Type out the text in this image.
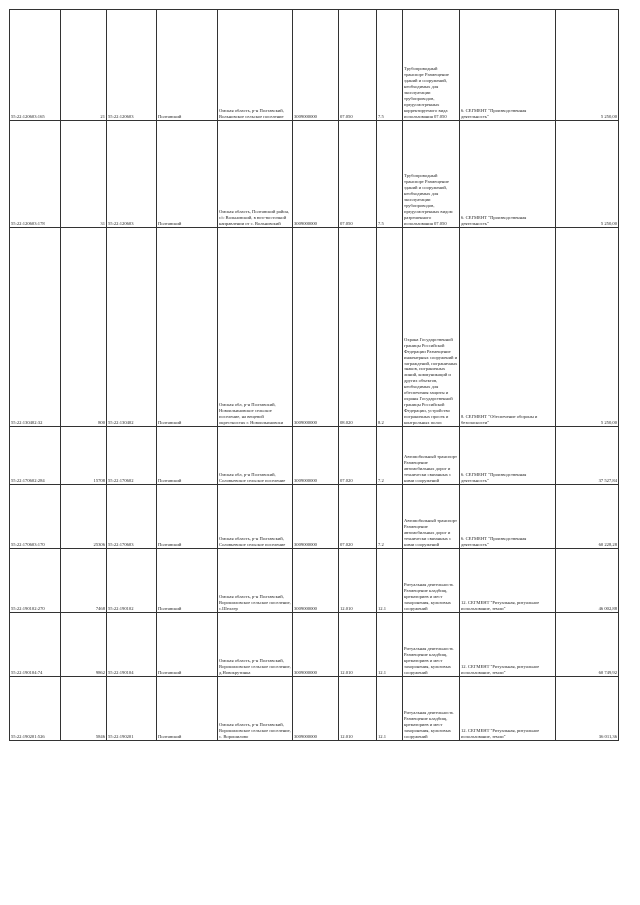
55:22:120603:165	21	55:22:120603	Полтавский	Омская область, р-н Полтавский, Вольновское сельское поселение	3009000000	07.050	7.5	Трубопроводный транспорт Размещение зданий и сооружений, необходимых для эксплуатации трубопроводов, предусмотренных корректируемого вида использования 07.050	6. СЕГМЕНТ "Производственная деятельность"	5 250,00
55:22:120603:178	31	55:22:120603	Полтавский	Омская область, Полтавский район, с/с Вольновский, в юго-восточной направлении от с. Вольновский	3009000000	07.050	7.5	Трубопроводный транспорт Размещение зданий и сооружений, необходимых для эксплуатации трубопроводов, предусмотренных видом разрешенного использования 07.050	6. СЕГМЕНТ "Производственная деятельность"	5 250,00
55:22:130402:32	800	55:22:130402	Полтавский	Омская обл, р-н Полтавский, Новоильиновское сельское поселение, на вещевой окрестностях г. Новоильиновски	3009000000	08.020	8.2	Охрана Государственной границы Российской Федерации Размещение инженерных сооружений и заграждений, пограничных знаков, пограничных линий, коммуникаций и других объектов, необходимых для обеспечения защиты и охраны Государственной границы Российской Федерации, устройство пограничных просек и контрольных полос	8. СЕГМЕНТ "Обеспечение обороны и безопасности"	5 250,00
55:22:170602:284	15708	55:22:170602	Полтавский	Омская обл, р-н Полтавский, Соловьевское сельское поселение	3009000000	07.020	7.2	Автомобильный транспорт Размещение автомобильных дорог и технически связанных с ними сооружений	6. СЕГМЕНТ "Производственная деятельность"	37 527,84
55:22:170603:170	25306	55:22:170603	Полтавский	Омская область, р-н Полтавский, Соловьевское сельское поселение	3009000000	07.020	7.2	Автомобильный транспорт Размещение автомобильных дорог и технически связанных с ними сооружений	6. СЕГМЕНТ "Производственная деятельность"	60 228,28
55:22:190102:270	7468	55:22:190102	Полтавский	Омская область, р-н Полтавский, Ворошиловское сельское поселение, с.Шеллер	3009000000	12.010	12.1	Ритуальная деятельность Размещение кладбищ, крематориев и мест захоронения, культовых сооружений	12. СЕГМЕНТ "Ритуальная, ритуальное использование, земли"	46 002,88
55:22:190104:74	9862	55:22:190104	Полтавский	Омская область, р-н Полтавский, Ворошиловское сельское поселение, д.Новокрутинка	3009000000	12.010	12.1	Ритуальная деятельность Размещение кладбищ, крематориев и мест захоронения, культовых сооружений	12. СЕГМЕНТ "Ритуальная, ритуальное использование, земли"	60 749,92
55:22:190201:526	5846	55:22:190201	Полтавский	Омская область, р-н Полтавский, Ворошиловское сельское поселение, с. Ворошилово	3009000000	12.010	12.1	Ритуальная деятельность Размещение кладбищ, крематориев и мест захоронения, культовых сооружений	12. СЕГМЕНТ "Ритуальная, ритуальное использование, земли"	36 011,36
